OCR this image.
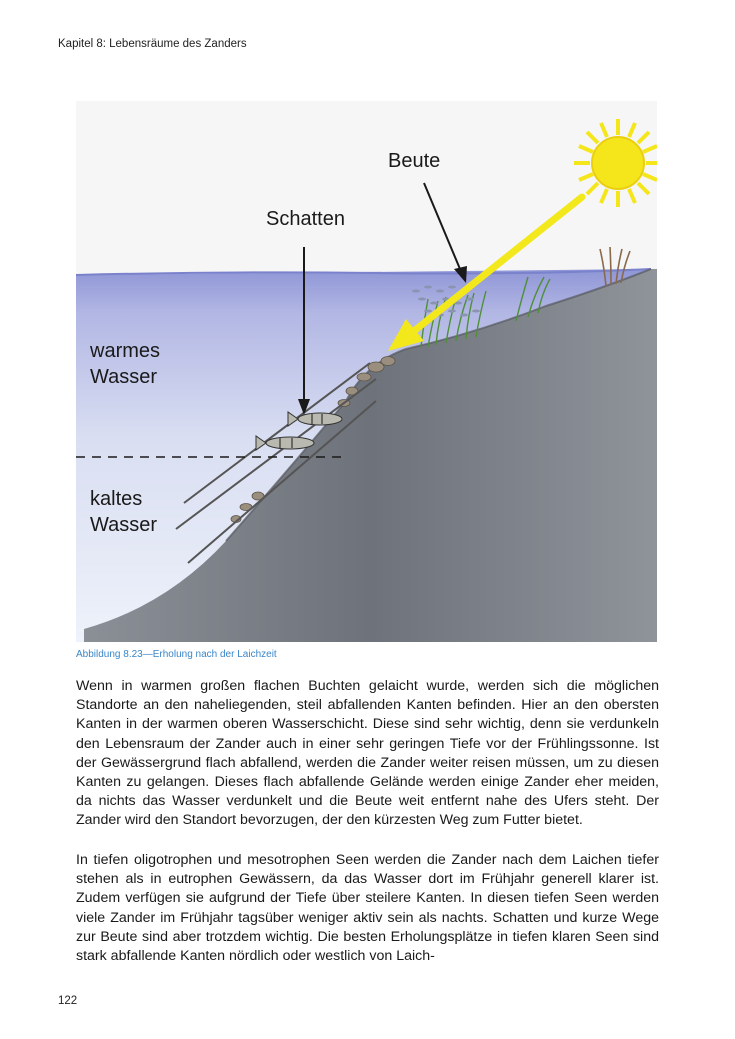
Kapitel 8: Lebensräume des Zanders
Beute
Schatten
warmes
Wasser
kaltes
Wasser
Abbildung 8.23—Erholung nach der Laichzeit

Wenn in warmen großen flachen Buchten gelaicht wurde, werden sich die möglichen Standorte an den naheliegenden, steil abfallenden Kanten befinden. Hier an den obersten Kanten in der warmen oberen Wasserschicht. Diese sind sehr wichtig, denn sie verdunkeln den Lebensraum der Zander auch in einer sehr geringen Tiefe vor der Frühlingssonne. Ist der Gewässergrund flach abfallend, werden die Zander weiter reisen müssen, um zu diesen Kanten zu gelangen. Dieses flach abfallende Gelände werden einige Zander eher meiden, da nichts das Wasser verdunkelt und die Beute weit entfernt nahe des Ufers steht. Der Zander wird den Standort bevorzugen, der den kürzesten Weg zum Futter bietet.

In tiefen oligotrophen und mesotrophen Seen werden die Zander nach dem Laichen tiefer stehen als in eutrophen Gewässern, da das Wasser dort im Frühjahr generell klarer ist. Zudem verfügen sie aufgrund der Tiefe über steilere Kanten. In diesen tiefen Seen werden viele Zander im Frühjahr tagsüber weniger aktiv sein als nachts. Schatten und kurze Wege zur Beute sind aber trotzdem wichtig. Die besten Erholungsplätze in tiefen klaren Seen sind stark abfallende Kanten nördlich oder westlich von Laich-

122
